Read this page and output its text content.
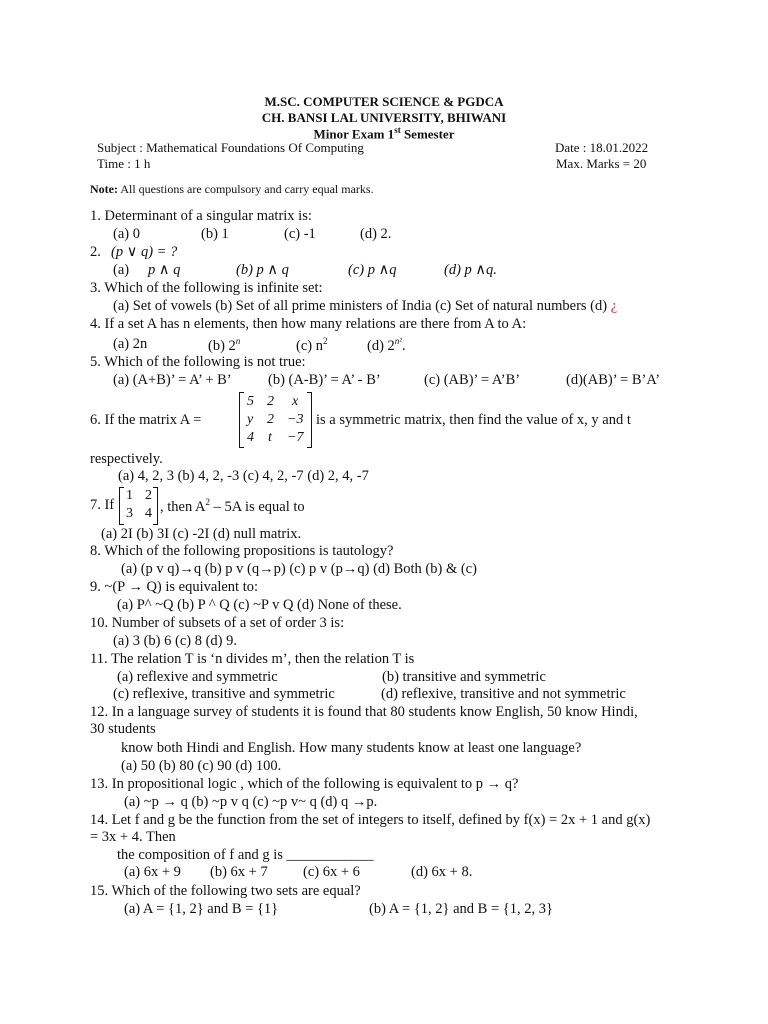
M.SC. COMPUTER SCIENCE & PGDCA
CH. BANSI LAL UNIVERSITY, BHIWANI
Minor Exam 1st Semester
Subject : Mathematical Foundations Of Computing	Date : 18.01.2022
Time : 1 h	Max. Marks = 20
Note: All questions are compulsory and carry equal marks.
1. Determinant of a singular matrix is:
(a) 0	(b) 1	(c) -1	(d) 2.
2. (p ∨ q) = ?
(a) p ∧ q	(b) p ∧ q	(c) p ∧q	(d) p ∧q.
3. Which of the following is infinite set:
(a) Set of vowels (b) Set of all prime ministers of India (c) Set of natural numbers (d) ¿
4. If a set A has n elements, then how many relations are there from A to A:
(a) 2n	(b) 2$^n$	(c) $n^2$	(d) $2^{n^2}$.
5. Which of the following is not true:
(a) (A+B)’ = A’ + B’	(b) (A-B)’ = A’ - B’	(c) (AB)’ = A’B’	(d)(AB)’ = B’A’
6. If the matrix A =
5 2 x
y 2 −3
4 t −7
is a symmetric matrix, then find the value of x, y and t
respectively.
(a) 4, 2, 3 (b) 4, 2, -3 (c) 4, 2, -7 (d) 2, 4, -7
7. If
1 2
3 4 , then $A^2 - 5A$ is equal to
(a) 2I (b) 3I (c) -2I (d) null matrix.
8. Which of the following propositions is tautology?
(a) (p v q)→q (b) p v (q→p) (c) p v (p→q) (d) Both (b) & (c)
9. ~(P → Q) is equivalent to:
(a) P^ ~Q (b) P ^ Q (c) ~P v Q (d) None of these.
10. Number of subsets of a set of order 3 is:
(a) 3 (b) 6 (c) 8 (d) 9.
11. The relation T is ‘n divides m’, then the relation T is
(a) reflexive and symmetric	(b) transitive and symmetric
(c) reflexive, transitive and symmetric	(d) reflexive, transitive and not symmetric
12. In a language survey of students it is found that 80 students know English, 50 know Hindi,
30 students
know both Hindi and English. How many students know at least one language?
(a) 50 (b) 80 (c) 90 (d) 100.
13. In propositional logic , which of the following is equivalent to p → q?
(a) ~p → q (b) ~p v q (c) ~p v~ q (d) q →p.
14. Let f and g be the function from the set of integers to itself, defined by f(x) = 2x + 1 and g(x)
= 3x + 4. Then
the composition of f and g is ____________
(a) 6x + 9 (b) 6x + 7 (c) 6x + 6	(d) 6x + 8.
15. Which of the following two sets are equal?
(a) A = {1, 2} and B = {1}	(b) A = {1, 2} and B = {1, 2, 3}
